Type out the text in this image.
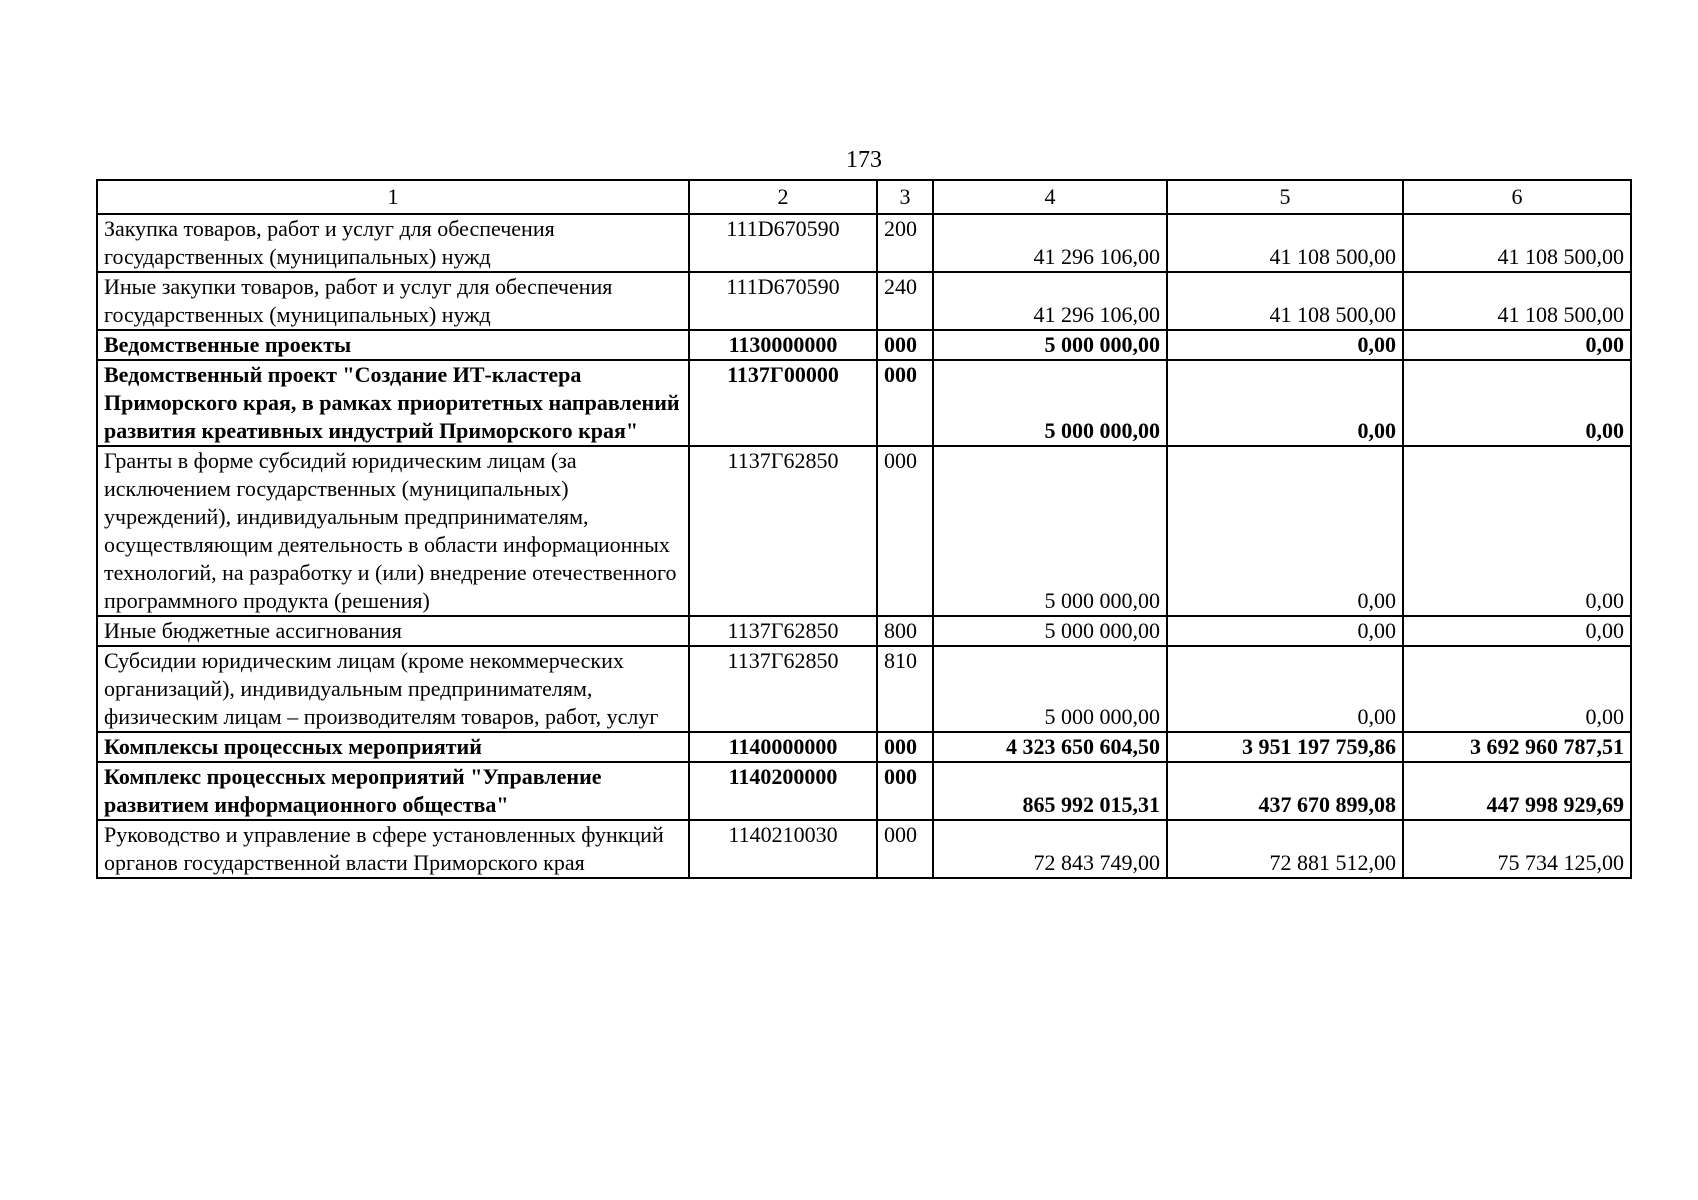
173
1	2	3	4	5	6
Закупка товаров, работ и услуг для обеспечения государственных (муниципальных) нужд	111D670590	200	41 296 106,00	41 108 500,00	41 108 500,00
Иные закупки товаров, работ и услуг для обеспечения государственных (муниципальных) нужд	111D670590	240	41 296 106,00	41 108 500,00	41 108 500,00
Ведомственные проекты	1130000000	000	5 000 000,00	0,00	0,00
Ведомственный проект "Создание ИТ-кластера Приморского края, в рамках приоритетных направлений развития креативных индустрий Приморского края"	1137Г00000	000	5 000 000,00	0,00	0,00
Гранты в форме субсидий юридическим лицам (за исключением государственных (муниципальных) учреждений), индивидуальным предпринимателям, осуществляющим деятельность в области информационных технологий, на разработку и (или) внедрение отечественного программного продукта (решения)	1137Г62850	000	5 000 000,00	0,00	0,00
Иные бюджетные ассигнования	1137Г62850	800	5 000 000,00	0,00	0,00
Субсидии юридическим лицам (кроме некоммерческих организаций), индивидуальным предпринимателям, физическим лицам – производителям товаров, работ, услуг	1137Г62850	810	5 000 000,00	0,00	0,00
Комплексы процессных мероприятий	1140000000	000	4 323 650 604,50	3 951 197 759,86	3 692 960 787,51
Комплекс процессных мероприятий "Управление развитием информационного общества"	1140200000	000	865 992 015,31	437 670 899,08	447 998 929,69
Руководство и управление в сфере установленных функций органов государственной власти Приморского края	1140210030	000	72 843 749,00	72 881 512,00	75 734 125,00
